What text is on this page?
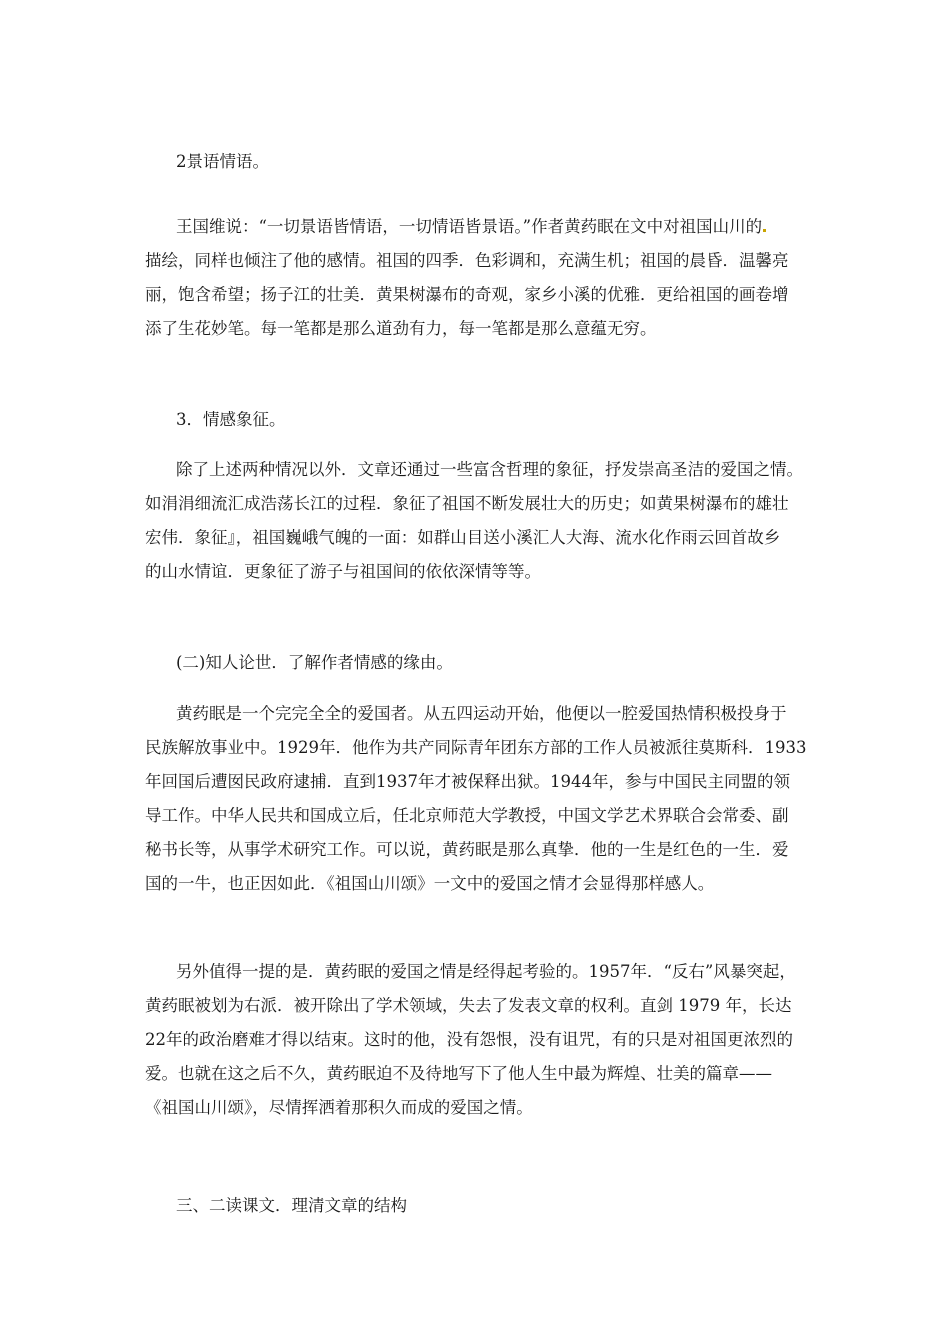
2景语情语。
王国维说：“一切景语皆情语，一切情语皆景语。”作者黄药眠在文中对祖国山川的
描绘，同样也倾注了他的感情。祖国的四季．色彩调和，充满生机；祖国的晨昏．温馨亮
丽，饱含希望；扬子江的壮美．黄果树瀑布的奇观，家乡小溪的优雅．更给祖国的画卷增
添了生花妙笔。每一笔都是那么道劲有力，每一笔都是那么意蕴无穷。
3．情感象征。
除了上述两种情况以外．文章还通过一些富含哲理的象征，抒发崇高圣洁的爱国之情。
如涓涓细流汇成浩荡长江的过程．象征了祖国不断发展壮大的历史；如黄果树瀑布的雄壮
宏伟．象征』，祖国巍峨气魄的一面：如群山目送小溪汇人大海、流水化作雨云回首故乡
的山水情谊．更象征了游子与祖国间的依依深情等等。
(二)知人论世．了解作者情感的缘由。
黄药眠是一个完完全全的爱国者。从五四运动开始，他便以一腔爱国热情积极投身于
民族解放事业中。1929年．他作为共产同际青年团东方部的工作人员被派往莫斯科．1933
年回国后遭囡民政府逮捕．直到1937年才被保释出狱。1944年，参与中国民主同盟的领
导工作。中华人民共和国成立后，任北京师范大学教授，中国文学艺术界联合会常委、副
秘书长等，从事学术研究工作。可以说，黄药眠是那么真挚．他的一生是红色的一生．爱
国的一牛，也正因如此．《祖国山川颂》一文中的爱国之情才会显得那样感人。
另外值得一提的是．黄药眠的爱国之情是经得起考验的。1957年．“反右”风暴突起，
黄药眠被划为右派．被开除出了学术领域，失去了发表文章的权利。直剑 1979 年，长达
22年的政治磨难才得以结束。这时的他，没有怨恨，没有诅咒，有的只是对祖国更浓烈的
爱。也就在这之后不久，黄药眠迫不及待地写下了他人生中最为辉煌、壮美的篇章——
《祖国山川颂》，尽情挥洒着那积久而成的爱国之情。
三、二读课文．理清文章的结构
